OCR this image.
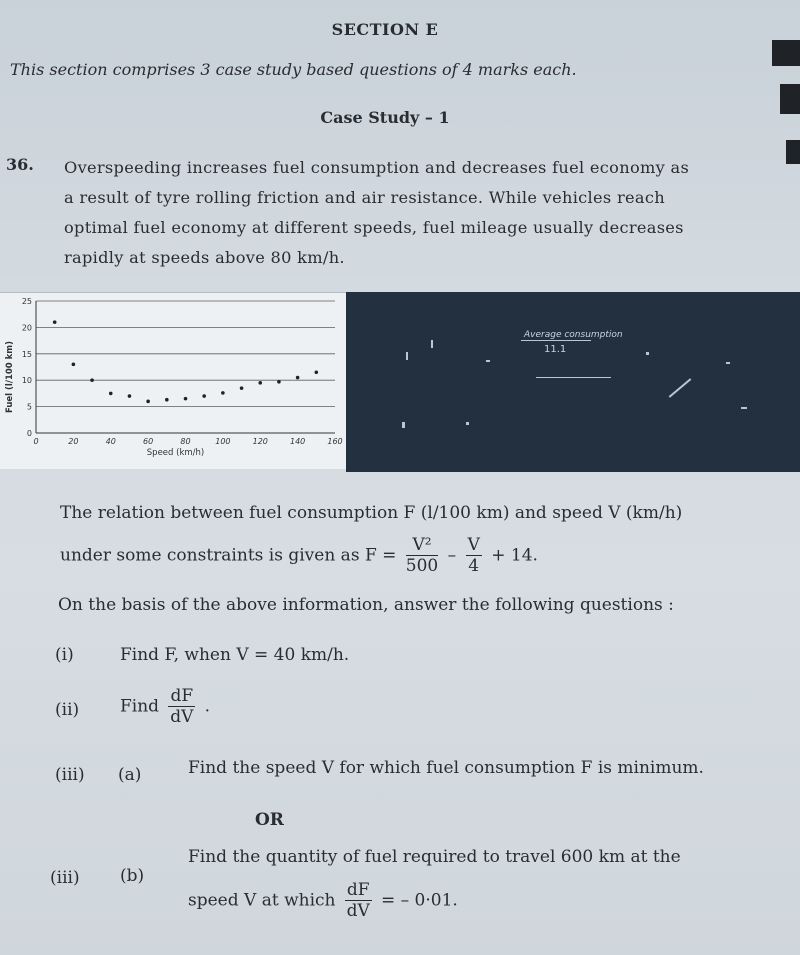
SECTION E
This section comprises 3 case study based questions of 4 marks each.
Case Study – 1
36. Overspeeding increases fuel consumption and decreases fuel economy as

a result of tyre rolling friction and air resistance. While vehicles reach

optimal fuel economy at different speeds, fuel mileage usually decreases

rapidly at speeds above 80 km/h.

0
5
10
15
20
25
0	20	40	60	80	100	120	140	160
Speed (km/h)
Fuel (l/100 km)
Average consumption
11.1
The relation between fuel consumption F (l/100 km) and speed V (km/h)
under some constraints is given as $F = \frac{\text{V²}}{500} - \frac{V}{4} + 14$.
On the basis of the above information, answer the following questions :
(i)	Find F, when V = 40 km/h.
(ii) Find $\frac{dF}{dV}$ .
(iii) (a)	Find the speed V for which fuel consumption F is minimum.
OR
(iii) (b)
Find the quantity of fuel required to travel 600 km at the
speed V at which $\frac{dF}{dV}$ = – 0·01.
